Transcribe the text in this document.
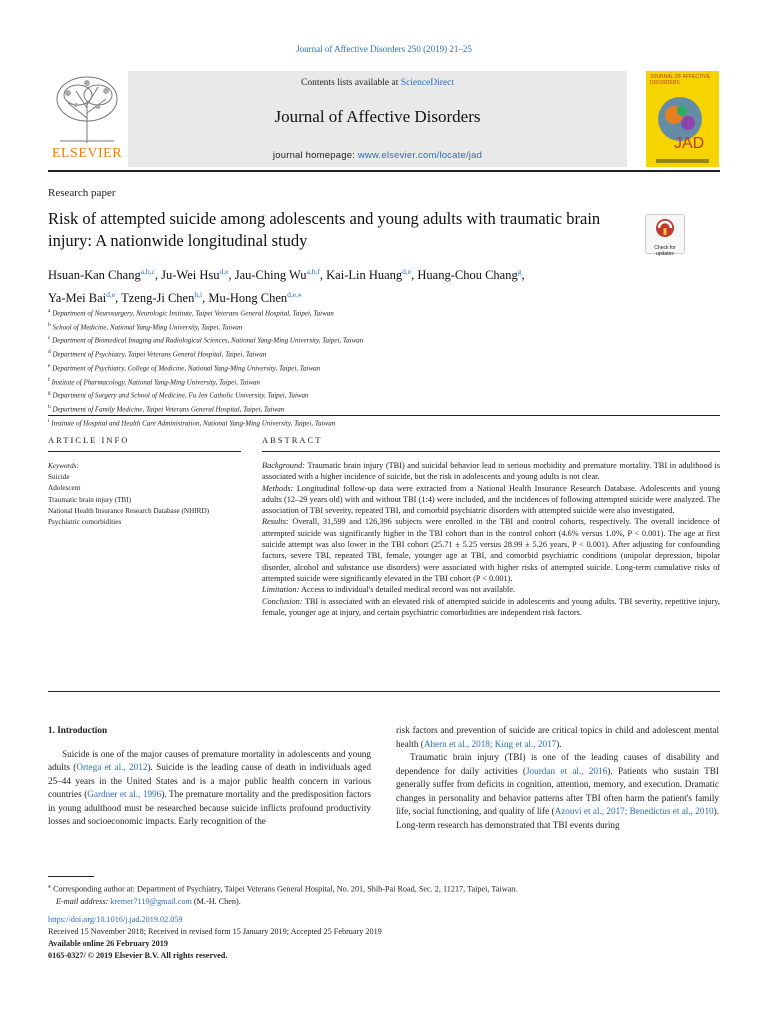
Journal of Affective Disorders 250 (2019) 21–25
ELSEVIER
Contents lists available at ScienceDirect
Journal of Affective Disorders
journal homepage: www.elsevier.com/locate/jad
JOURNAL OF AFFECTIVE DISORDERS
JAD
Research paper
Risk of attempted suicide among adolescents and young adults with traumatic brain injury: A nationwide longitudinal study	Check for updates
Hsuan-Kan Chang$^{a,b,c}$, Ju-Wei Hsu$^{d,e}$, Jau-Ching Wu$^{a,b,f}$, Kai-Lin Huang$^{d,e}$, Huang-Chou Chang$^g$,
Ya-Mei Bai$^{d,e}$, Tzeng-Ji Chen$^{h,i}$, Mu-Hong Chen$^{d,e,⁎}$
$^a$ Department of Neurosurgery, Neurologic Institute, Taipei Veterans General Hospital, Taipei, Taiwan
$^b$ School of Medicine, National Yang-Ming University, Taipei, Taiwan
$^c$ Department of Biomedical Imaging and Radiological Sciences, National Yang-Ming University, Taipei, Taiwan
$^d$ Department of Psychiatry, Taipei Veterans General Hospital, Taipei, Taiwan
$^e$ Department of Psychiatry, College of Medicine, National Yang-Ming University, Taipei, Taiwan
$^f$ Institute of Pharmacology, National Yang-Ming University, Taipei, Taiwan
$^g$ Department of Surgery and School of Medicine, Fu Jen Catholic University, Taipei, Taiwan
$^h$ Department of Family Medicine, Taipei Veterans General Hospital, Taipei, Taiwan
$^i$ Institute of Hospital and Health Care Administration, National Yang-Ming University, Taipei, Taiwan
ARTICLE INFO	ABSTRACT
Keywords:
Suicide
Adolescent
Traumatic brain injury (TBI)
National Health Insurance Research Database (NHIRD)
Psychiatric comorbidities
Background: Traumatic brain injury (TBI) and suicidal behavior lead to serious morbidity and premature mortality. TBI in adulthood is associated with a higher incidence of suicide, but the risk in adolescents and young adults is not clear.
Methods: Longitudinal follow-up data were extracted from a National Health Insurance Research Database. Adolescents and young adults (12–29 years old) with and without TBI (1:4) were included, and the incidences of following attempted suicide were analyzed. The association of TBI severity, repeated TBI, and comorbid psychiatric disorders with attempted suicide were also investigated.
Results: Overall, 31,599 and 126,396 subjects were enrolled in the TBI and control cohorts, respectively. The overall incidence of attempted suicide was significantly higher in the TBI cohort than in the control cohort (4.6% versus 1.0%, P < 0.001). The age at first suicide attempt was also lower in the TBI cohort (25.71 ± 5.25 versus 28.99 ± 5.26 years, P < 0.001). After adjusting for confounding factors, severe TBI, repeated TBI, female, younger age at TBI, and comorbid psychiatric conditions (unipolar depression, bipolar disorder, alcohol and substance use disorders) were associated with higher risks of attempted suicide. Long-term cumulative risks of attempted suicide were significantly elevated in the TBI cohort (P < 0.001).
Limitation: Access to individual's detailed medical record was not available.
Conclusion: TBI is associated with an elevated risk of attempted suicide in adolescents and young adults. TBI severity, repetitive injury, female, younger age at injury, and certain psychiatric comorbidities are independent risk factors.

1. Introduction

Suicide is one of the major causes of premature mortality in adolescents and young adults (Ortega et al., 2012). Suicide is the leading cause of death in individuals aged 25–44 years in the United States and is a major public health concern in various countries (Gardner et al., 1996). The premature mortality and the predisposition factors in young adulthood must be researched because suicide inflicts profound productivity losses and socioeconomic impacts. Early recognition of the

risk factors and prevention of suicide are critical topics in child and adolescent mental health (Ahern et al., 2018; King et al., 2017).

Traumatic brain injury (TBI) is one of the leading causes of disability and dependence for daily activities (Jourdan et al., 2016). Patients who sustain TBI generally suffer from deficits in cognition, attention, memory, and execution. Dramatic changes in personality and behavior patterns after TBI often harm the patient's family life, social functioning, and quality of life (Azouvi et al., 2017; Benedictus et al., 2010). Long-term research has demonstrated that TBI events during

⁎ Corresponding author at: Department of Psychiatry, Taipei Veterans General Hospital, No. 201, Shih-Pai Road, Sec. 2, 11217, Taipei, Taiwan.
E-mail address: kremer7119@gmail.com (M.-H. Chen).
https://doi.org/10.1016/j.jad.2019.02.059
Received 15 November 2018; Received in revised form 15 January 2019; Accepted 25 February 2019
Available online 26 February 2019
0165-0327/ © 2019 Elsevier B.V. All rights reserved.
